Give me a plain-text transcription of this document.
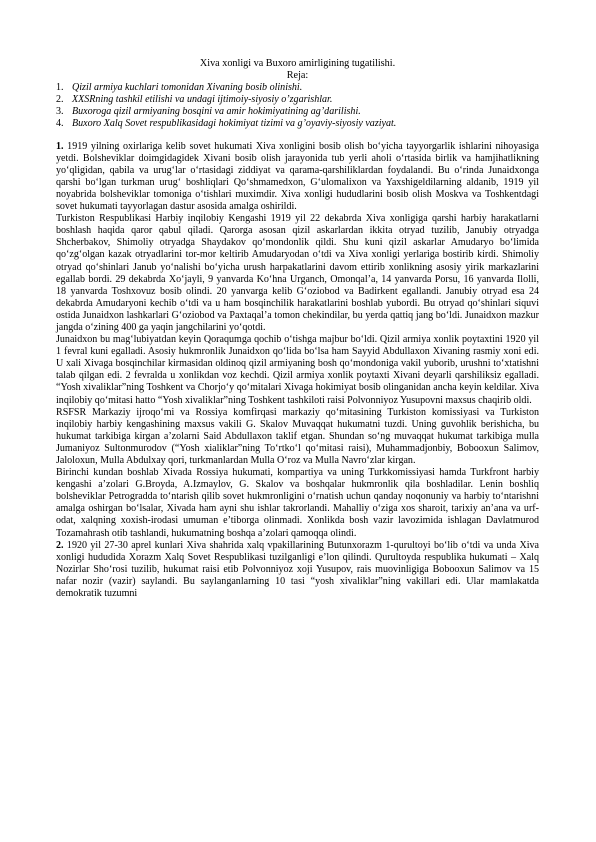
Xiva xonligi va Buxoro amirligining tugatilishi.

Reja:

1. Qizil armiya kuchlari tomonidan Xivaning bosib olinishi.
2. XXSRning tashkil etilishi va undagi ijtimoiy-siyosiy o’zgarishlar.
3. Buxoroga qizil armiyaning bosqini va amir hokimiyatining ag’darilishi.
4. Buxoro Xalq Sovet respublikasidagi hokimiyat tizimi va g’oyaviy-siyosiy vaziyat.

1. 1919 yilning oxirlariga kelib sovet hukumati Xiva xonligini bosib olish bo‘yicha tayyorgarlik ishlarini nihoyasiga yetdi. Bolsheviklar doimgidagidek Xivani bosib olish jarayonida tub yerli aholi o‘rtasida birlik va hamjihatlikning yo‘qligidan, qabila va urug‘lar o‘rtasidagi ziddiyat va qarama-qarshiliklardan foydalandi. Bu o‘rinda Junaidxonga qarshi bo‘lgan turkman urug‘ boshliqlari Qo‘shmamedxon, G‘ulomalixon va Yaxshigeldilarning aldanib, 1919 yil noyabrida bolsheviklar tomoniga o‘tishlari muximdir. Xiva xonligi hududlarini bosib olish Moskva va Toshkentdagi sovet hukumati tayyorlagan dastur asosida amalga oshirildi.

Turkiston Respublikasi Harbiy inqilobiy Kengashi 1919 yil 22 dekabrda Xiva xonligiga qarshi harbiy harakatlarni boshlash haqida qaror qabul qiladi. Qarorga asosan qizil askarlardan ikkita otryad tuzilib, Janubiy otryadga Shcherbakov, Shimoliy otryadga Shaydakov qo‘mondonlik qildi. Shu kuni qizil askarlar Amudaryo bo‘limida qo‘zg‘olgan kazak otryadlarini tor-mor keltirib Amudaryodan o‘tdi va Xiva xonligi yerlariga bostirib kirdi. Shimoliy otryad qo‘shinlari Janub yo‘nalishi bo‘yicha urush harpakatlarini davom ettirib xonlikning asosiy yirik markazlarini egallab bordi. 29 dekabrda Xo‘jayli, 9 yanvarda Ko‘hna Urganch, Omonqal’a, 14 yanvarda Porsu, 16 yanvarda Ilolli, 18 yanvarda Toshxovuz bosib olindi. 20 yanvarga kelib G‘oziobod va Badirkent egallandi. Janubiy otryad esa 24 dekabrda Amudaryoni kechib o‘tdi va u ham bosqinchilik harakatlarini boshlab yubordi. Bu otryad qo‘shinlari siquvi ostida Junaidxon lashkarlari G‘oziobod va Paxtaqal’a tomon chekindilar, bu yerda qattiq jang bo‘ldi. Junaidxon mazkur jangda o‘zining 400 ga yaqin jangchilarini yo‘qotdi.

Junaidxon bu mag‘lubiyatdan keyin Qoraqumga qochib o‘tishga majbur bo‘ldi. Qizil armiya xonlik poytaxtini 1920 yil 1 fevral kuni egalladi. Asosiy hukmronlik Junaidxon qo‘lida bo‘lsa ham Sayyid Abdullaxon Xivaning rasmiy xoni edi. U xali Xivaga bosqinchilar kirmasidan oldinoq qizil armiyaning bosh qo‘mondoniga vakil yuborib, urushni to‘xtatishni talab qilgan edi. 2 fevralda u xonlikdan voz kechdi. Qizil armiya xonlik poytaxti Xivani deyarli qarshiliksiz egalladi. “Yosh xivaliklar”ning Toshkent va Chorjo‘y qo‘mitalari Xivaga hokimiyat bosib olinganidan ancha keyin keldilar. Xiva inqilobiy qo‘mitasi hatto “Yosh xivaliklar”ning Toshkent tashkiloti raisi Polvonniyoz Yusupovni maxsus chaqirib oldi.

RSFSR Markaziy ijroqo‘mi va Rossiya komfirqasi markaziy qo‘mitasining Turkiston komissiyasi va Turkiston inqilobiy harbiy kengashining maxsus vakili G. Skalov Muvaqqat hukumatni tuzdi. Uning guvohlik berishicha, bu hukumat tarkibiga kirgan a’zolarni Said Abdullaxon taklif etgan. Shundan so‘ng muvaqqat hukumat tarkibiga mulla Jumaniyoz Sultonmurodov (“Yosh xialiklar”ning To‘rtko‘l qo‘mitasi raisi), Muhammadjonbiy, Bobooxun Salimov, Jaloloxun, Mulla Abdulxay qori, turkmanlardan Mulla O‘roz va Mulla Navro‘zlar kirgan.

Birinchi kundan boshlab Xivada Rossiya hukumati, kompartiya va uning Turkkomissiyasi hamda Turkfront harbiy kengashi a’zolari G.Broyda, A.Izmaylov, G. Skalov va boshqalar hukmronlik qila boshladilar. Lenin boshliq bolsheviklar Petrogradda to‘ntarish qilib sovet hukmronligini o‘rnatish uchun qanday noqonuniy va harbiy to‘ntarishni amalga oshirgan bo‘lsalar, Xivada ham ayni shu ishlar takrorlandi. Mahalliy o‘ziga xos sharoit, tarixiy an’ana va urf-odat, xalqning xoxish-irodasi umuman e’tiborga olinmadi. Xonlikda bosh vazir lavozimida ishlagan Davlatmurod Tozamahrash otib tashlandi, hukumatning boshqa a’zolari qamoqqa olindi.

2. 1920 yil 27-30 aprel kunlari Xiva shahrida xalq vpakillarining Butunxorazm 1-qurultoyi bo‘lib o‘tdi va unda Xiva xonligi hududida Xorazm Xalq Sovet Respublikasi tuzilganligi e’lon qilindi. Qurultoyda respublika hukumati – Xalq Nozirlar Sho‘rosi tuzilib, hukumat raisi etib Polvonniyoz xoji Yusupov, rais muovinligiga Bobooxun Salimov va 15 nafar nozir (vazir) saylandi. Bu saylanganlarning 10 tasi “yosh xivaliklar”ning vakillari edi. Ular mamlakatda demokratik tuzumni
